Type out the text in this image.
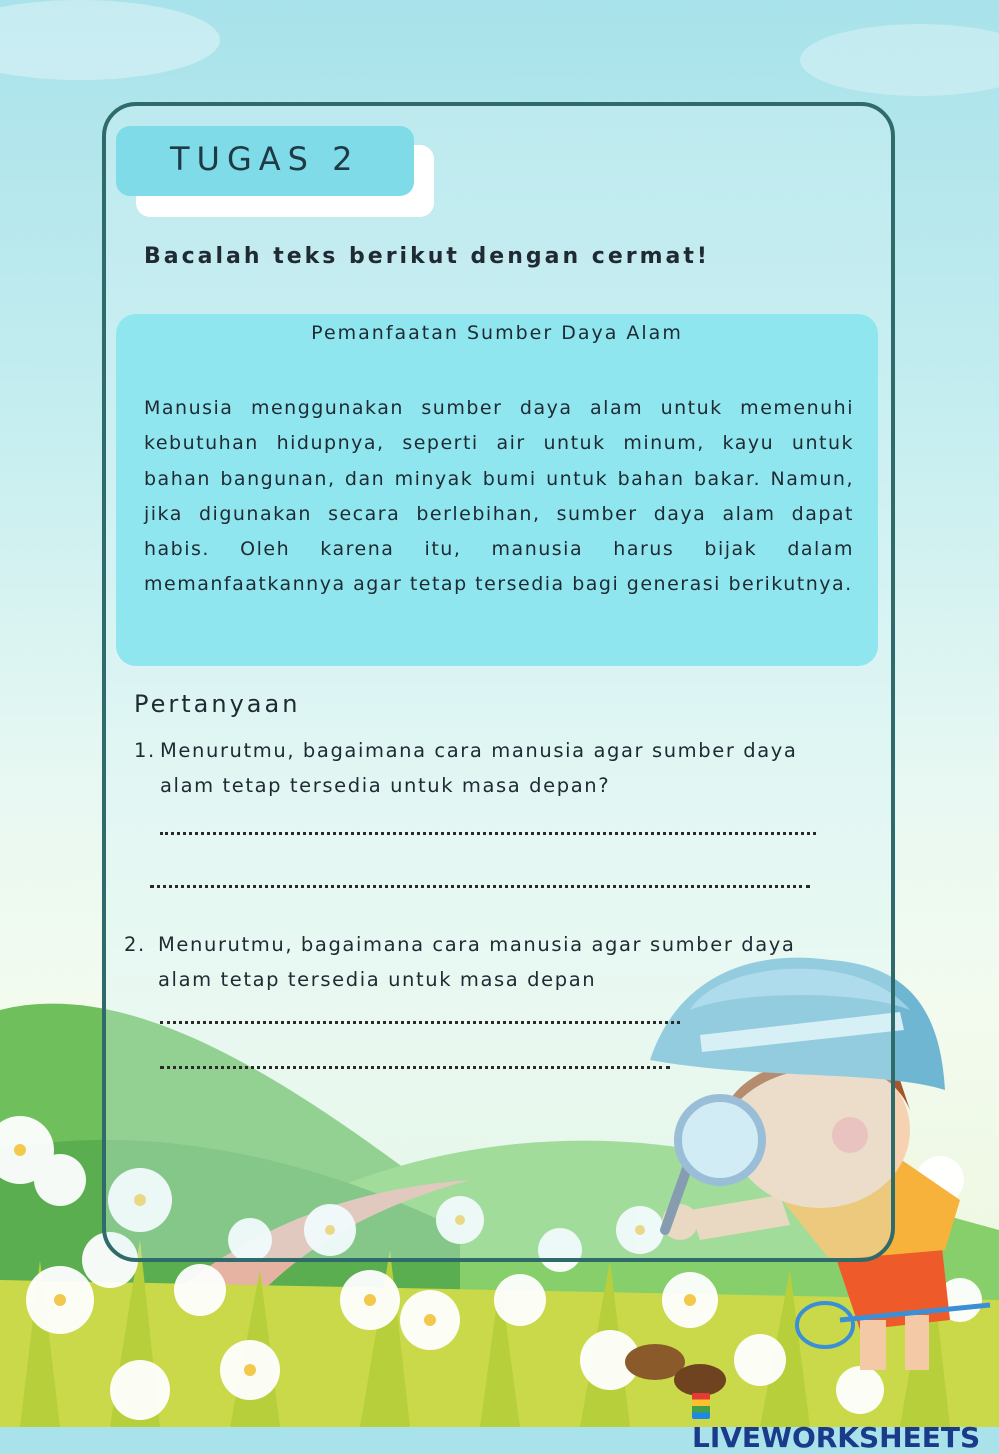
TUGAS 2
Bacalah teks berikut dengan cermat!
Pemanfaatan Sumber Daya Alam

Manusia menggunakan sumber daya alam untuk memenuhi kebutuhan hidupnya, seperti air untuk minum, kayu untuk bahan bangunan, dan minyak bumi untuk bahan bakar. Namun, jika digunakan secara berlebihan, sumber daya alam dapat habis. Oleh karena itu, manusia harus bijak dalam memanfaatkannya agar tetap tersedia bagi generasi berikutnya.

Pertanyaan
1. Menurutmu, bagaimana cara manusia agar sumber daya alam tetap tersedia untuk masa depan?
2. Menurutmu, bagaimana cara manusia agar sumber daya alam tetap tersedia untuk masa depan
LIVEWORKSHEETS
